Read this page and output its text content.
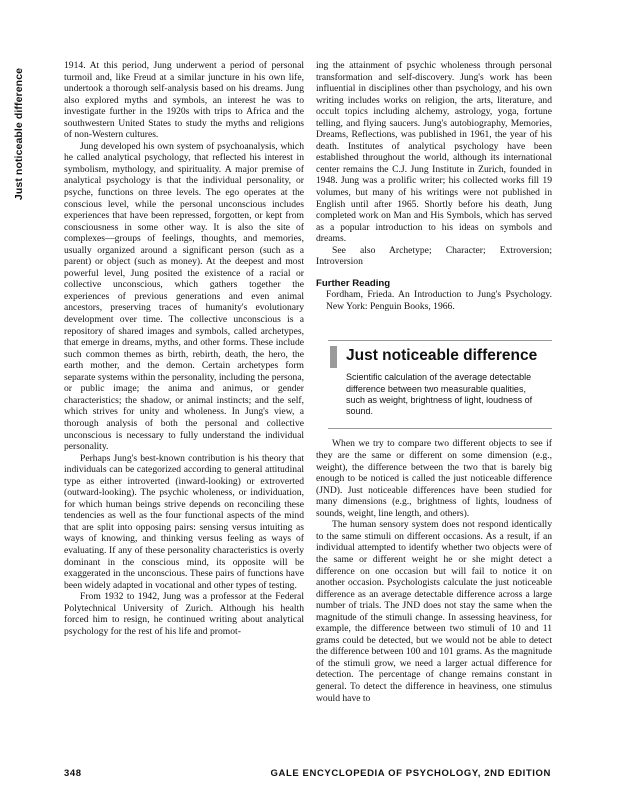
Just noticeable difference

1914. At this period, Jung underwent a period of personal turmoil and, like Freud at a similar juncture in his own life, undertook a thorough self-analysis based on his dreams. Jung also explored myths and symbols, an interest he was to investigate further in the 1920s with trips to Africa and the southwestern United States to study the myths and religions of non-Western cultures.

Jung developed his own system of psychoanalysis, which he called analytical psychology, that reflected his interest in symbolism, mythology, and spirituality. A major premise of analytical psychology is that the individual personality, or psyche, functions on three levels. The ego operates at the conscious level, while the personal unconscious includes experiences that have been repressed, forgotten, or kept from consciousness in some other way. It is also the site of complexes—groups of feelings, thoughts, and memories, usually organized around a significant person (such as a parent) or object (such as money). At the deepest and most powerful level, Jung posited the existence of a racial or collective unconscious, which gathers together the experiences of previous generations and even animal ancestors, preserving traces of humanity's evolutionary development over time. The collective unconscious is a repository of shared images and symbols, called archetypes, that emerge in dreams, myths, and other forms. These include such common themes as birth, rebirth, death, the hero, the earth mother, and the demon. Certain archetypes form separate systems within the personality, including the persona, or public image; the anima and animus, or gender characteristics; the shadow, or animal instincts; and the self, which strives for unity and wholeness. In Jung's view, a thorough analysis of both the personal and collective unconscious is necessary to fully understand the individual personality.

Perhaps Jung's best-known contribution is his theory that individuals can be categorized according to general attitudinal type as either introverted (inward-looking) or extroverted (outward-looking). The psychic wholeness, or individuation, for which human beings strive depends on reconciling these tendencies as well as the four functional aspects of the mind that are split into opposing pairs: sensing versus intuiting as ways of knowing, and thinking versus feeling as ways of evaluating. If any of these personality characteristics is overly dominant in the conscious mind, its opposite will be exaggerated in the unconscious. These pairs of functions have been widely adapted in vocational and other types of testing.

From 1932 to 1942, Jung was a professor at the Federal Polytechnical University of Zurich. Although his health forced him to resign, he continued writing about analytical psychology for the rest of his life and promot-

ing the attainment of psychic wholeness through personal transformation and self-discovery. Jung's work has been influential in disciplines other than psychology, and his own writing includes works on religion, the arts, literature, and occult topics including alchemy, astrology, yoga, fortune telling, and flying saucers. Jung's autobiography, Memories, Dreams, Reflections, was published in 1961, the year of his death. Institutes of analytical psychology have been established throughout the world, although its international center remains the C.J. Jung Institute in Zurich, founded in 1948. Jung was a prolific writer; his collected works fill 19 volumes, but many of his writings were not published in English until after 1965. Shortly before his death, Jung completed work on Man and His Symbols, which has served as a popular introduction to his ideas on symbols and dreams.

See also Archetype; Character; Extroversion; Introversion

Further Reading

Fordham, Frieda. An Introduction to Jung's Psychology. New York: Penguin Books, 1966.

Just noticeable difference
Scientific calculation of the average detectable difference between two measurable qualities, such as weight, brightness of light, loudness of sound.

When we try to compare two different objects to see if they are the same or different on some dimension (e.g., weight), the difference between the two that is barely big enough to be noticed is called the just noticeable difference (JND). Just noticeable differences have been studied for many dimensions (e.g., brightness of lights, loudness of sounds, weight, line length, and others).

The human sensory system does not respond identically to the same stimuli on different occasions. As a result, if an individual attempted to identify whether two objects were of the same or different weight he or she might detect a difference on one occasion but will fail to notice it on another occasion. Psychologists calculate the just noticeable difference as an average detectable difference across a large number of trials. The JND does not stay the same when the magnitude of the stimuli change. In assessing heaviness, for example, the difference between two stimuli of 10 and 11 grams could be detected, but we would not be able to detect the difference between 100 and 101 grams. As the magnitude of the stimuli grow, we need a larger actual difference for detection. The percentage of change remains constant in general. To detect the difference in heaviness, one stimulus would have to

348	GALE ENCYCLOPEDIA OF PSYCHOLOGY, 2ND EDITION
